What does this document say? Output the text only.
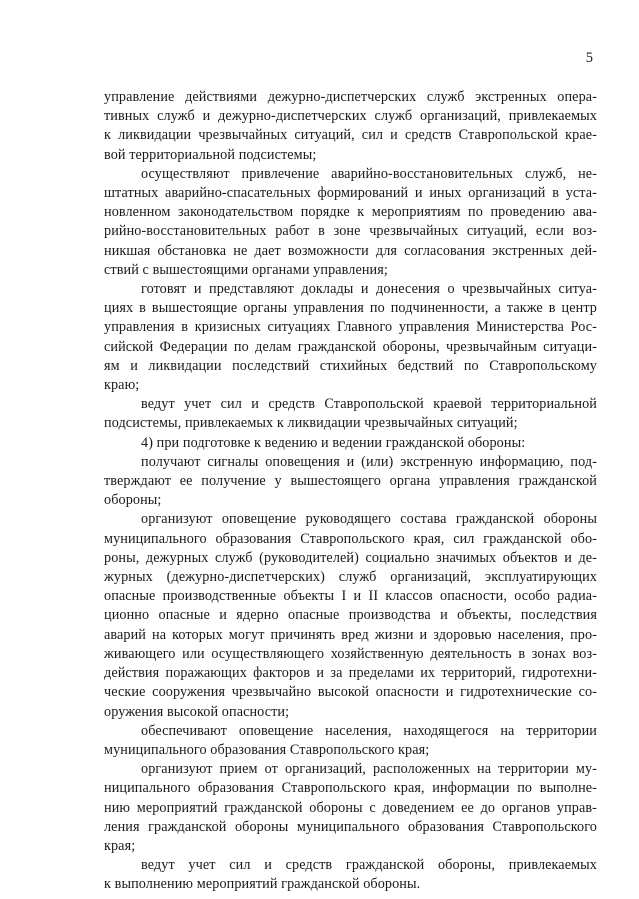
5
управление действиями дежурно-диспетчерских служб экстренных опера-
тивных служб и дежурно-диспетчерских служб организаций, привлекаемых
к ликвидации чрезвычайных ситуаций, сил и средств Ставропольской крае-
вой территориальной подсистемы;
осуществляют привлечение аварийно-восстановительных служб, не-
штатных аварийно-спасательных формирований и иных организаций в уста-
новленном законодательством порядке к мероприятиям по проведению ава-
рийно-восстановительных работ в зоне чрезвычайных ситуаций, если воз-
никшая обстановка не дает возможности для согласования экстренных дей-
ствий с вышестоящими органами управления;
готовят и представляют доклады и донесения о чрезвычайных ситуа-
циях в вышестоящие органы управления по подчиненности, а также в центр
управления в кризисных ситуациях Главного управления Министерства Рос-
сийской Федерации по делам гражданской обороны, чрезвычайным ситуаци-
ям и ликвидации последствий стихийных бедствий по Ставропольскому
краю;
ведут учет сил и средств Ставропольской краевой территориальной
подсистемы, привлекаемых к ликвидации чрезвычайных ситуаций;
4) при подготовке к ведению и ведении гражданской обороны:
получают сигналы оповещения и (или) экстренную информацию, под-
тверждают ее получение у вышестоящего органа управления гражданской
обороны;
организуют оповещение руководящего состава гражданской обороны
муниципального образования Ставропольского края, сил гражданской обо-
роны, дежурных служб (руководителей) социально значимых объектов и де-
журных (дежурно-диспетчерских) служб организаций, эксплуатирующих
опасные производственные объекты I и II классов опасности, особо радиа-
ционно опасные и ядерно опасные производства и объекты, последствия
аварий на которых могут причинять вред жизни и здоровью населения, про-
живающего или осуществляющего хозяйственную деятельность в зонах воз-
действия поражающих факторов и за пределами их территорий, гидротехни-
ческие сооружения чрезвычайно высокой опасности и гидротехнические со-
оружения высокой опасности;
обеспечивают оповещение населения, находящегося на территории
муниципального образования Ставропольского края;
организуют прием от организаций, расположенных на территории му-
ниципального образования Ставропольского края, информации по выполне-
нию мероприятий гражданской обороны с доведением ее до органов управ-
ления гражданской обороны муниципального образования Ставропольского
края;
ведут учет сил и средств гражданской обороны, привлекаемых
к выполнению мероприятий гражданской обороны.
